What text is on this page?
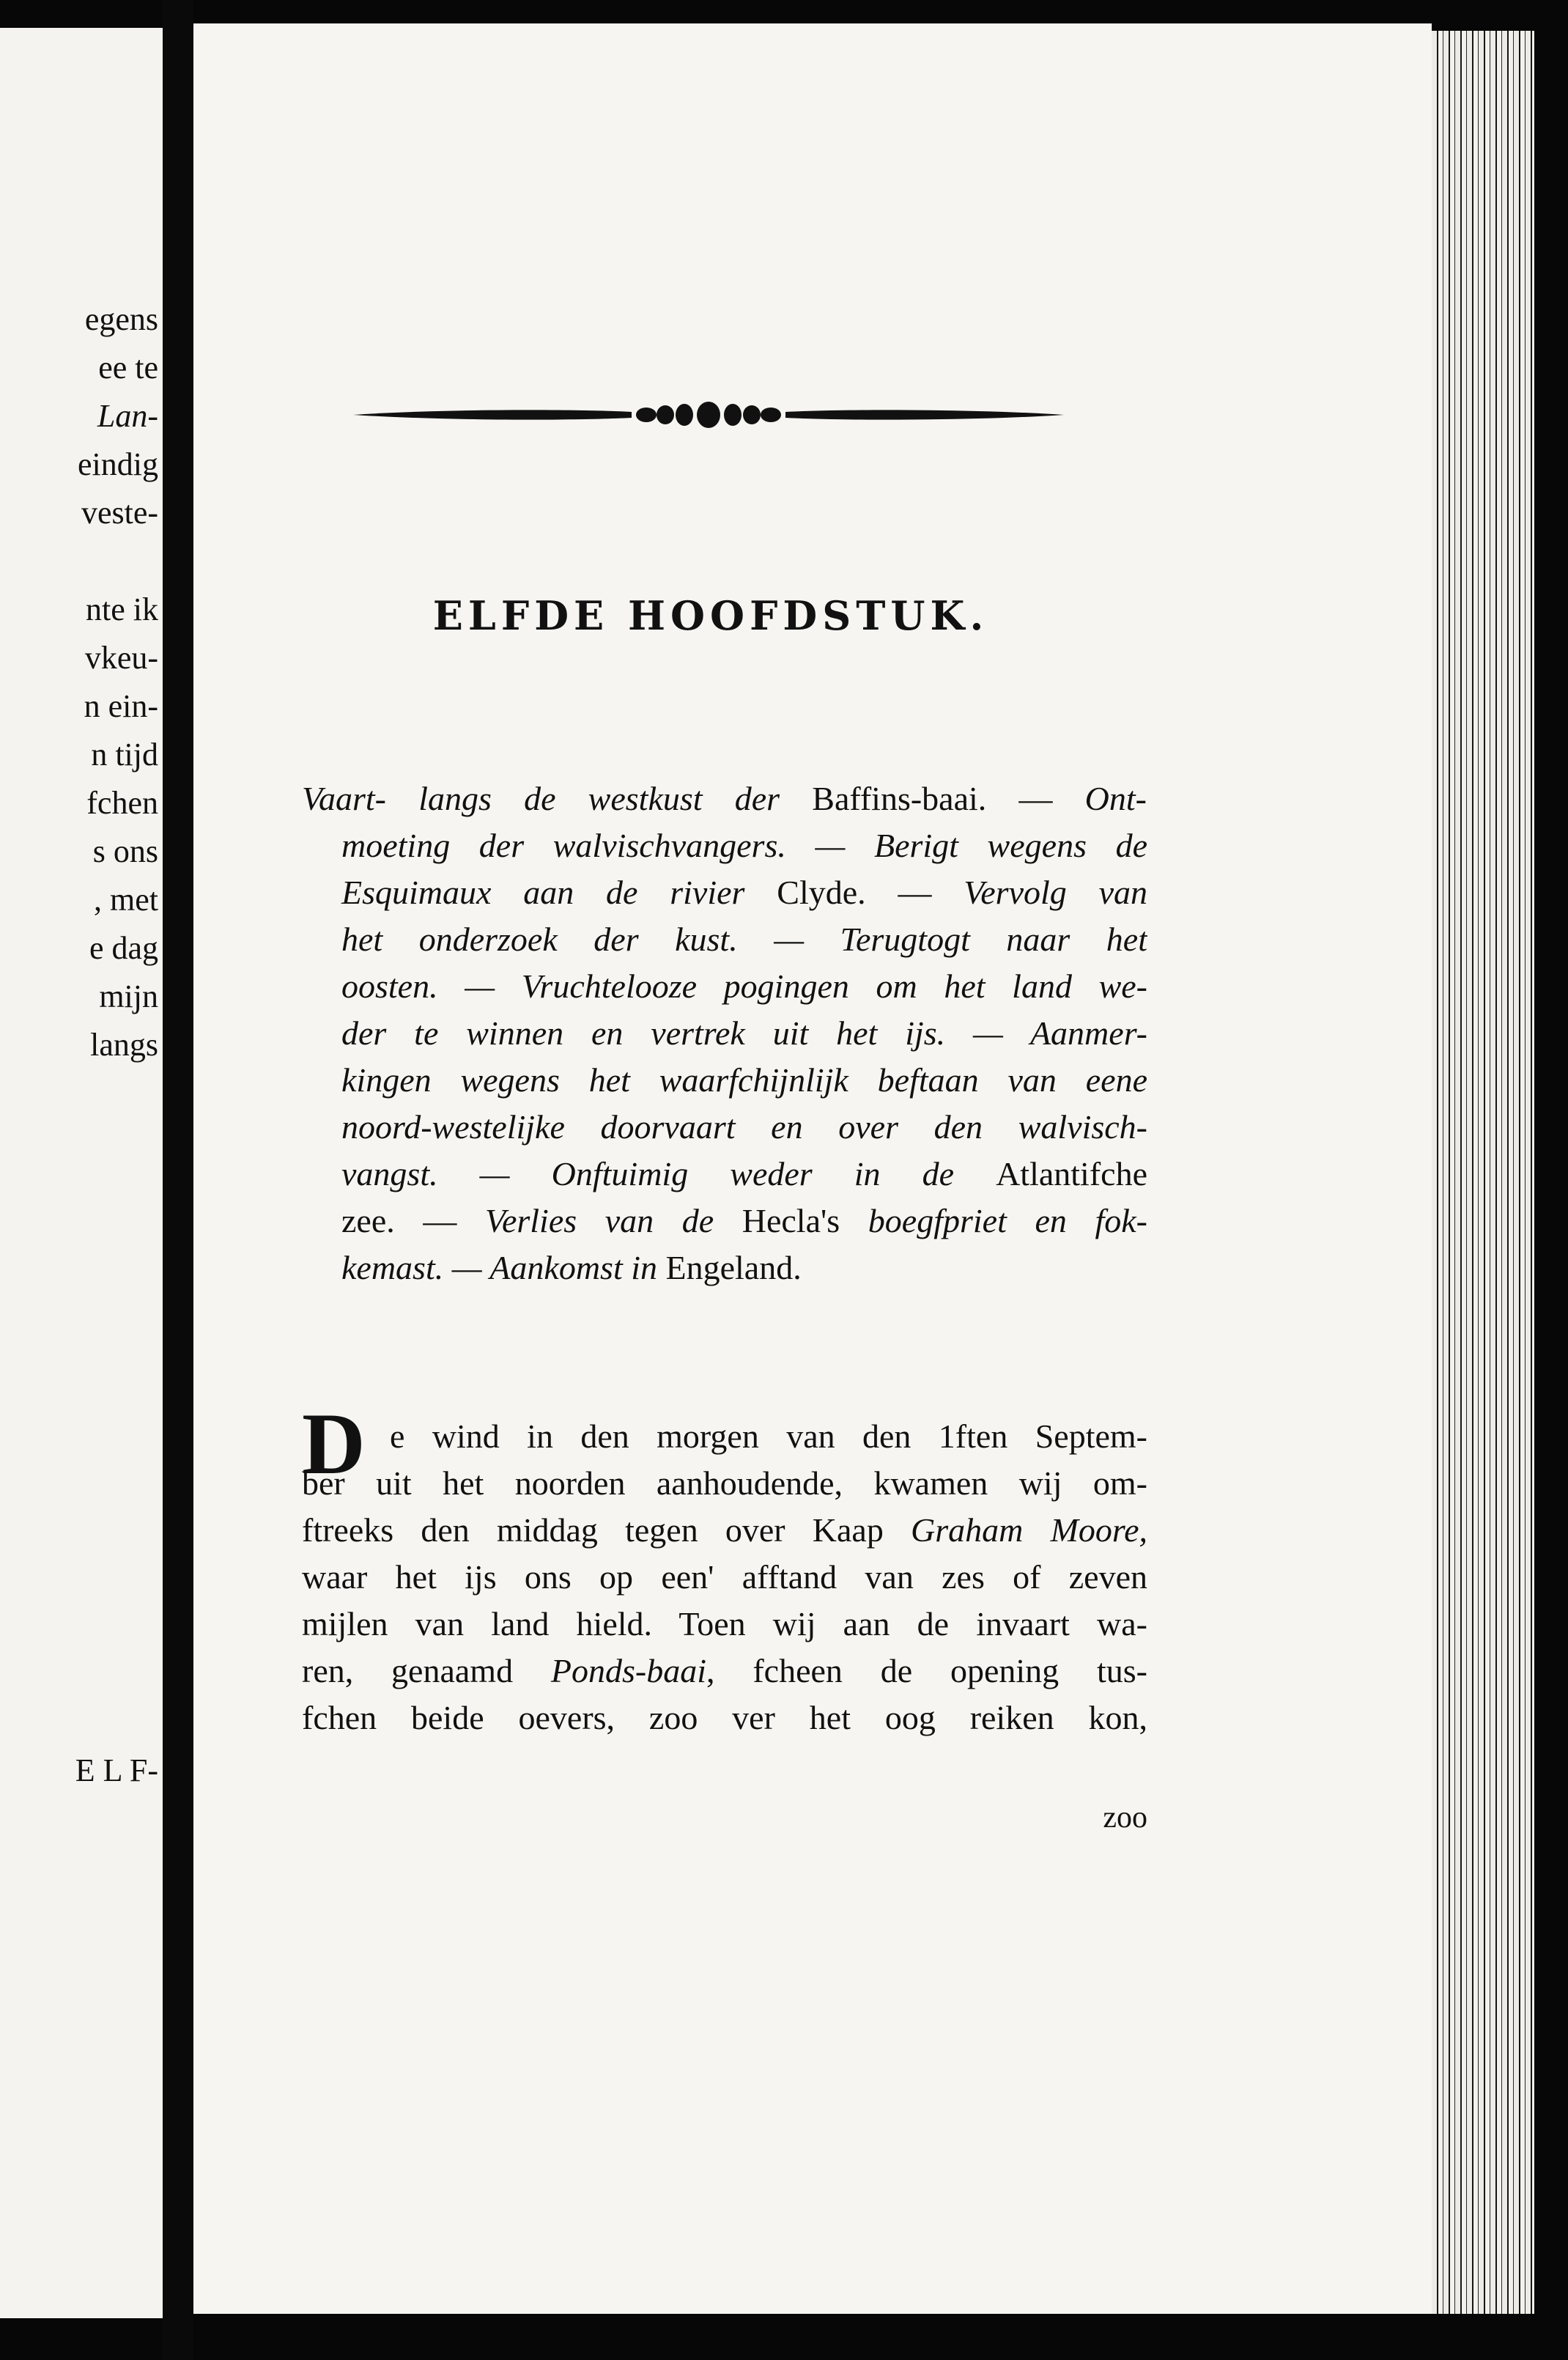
egens

ee te

Lan-

eindig

veste-

nte ik

vkeu-

n ein-

n tijd

fchen

s ons

, met

e dag

mijn

langs

E L F-

ELFDE HOOFDSTUK.

Vaart- langs de westkust der Baffins-baai. — Ont-

moeting der walvischvangers. — Berigt wegens de

Esquimaux aan de rivier Clyde. — Vervolg van

het onderzoek der kust. — Terugtogt naar het

oosten. — Vruchtelooze pogingen om het land we-

der te winnen en vertrek uit het ijs. — Aanmer-

kingen wegens het waarfchijnlijk beftaan van eene

noord-westelijke doorvaart en over den walvisch-

vangst. — Onftuimig weder in de Atlantifche

zee. — Verlies van de Hecla's boegfpriet en fok-

kemast. — Aankomst in Engeland.

D e wind in den morgen van den 1ften Septem-

ber uit het noorden aanhoudende, kwamen wij om-

ftreeks den middag tegen over Kaap Graham Moore,

waar het ijs ons op een' afftand van zes of zeven

mijlen van land hield. Toen wij aan de invaart wa-

ren, genaamd Ponds-baai, fcheen de opening tus-

fchen beide oevers, zoo ver het oog reiken kon,

zoo
